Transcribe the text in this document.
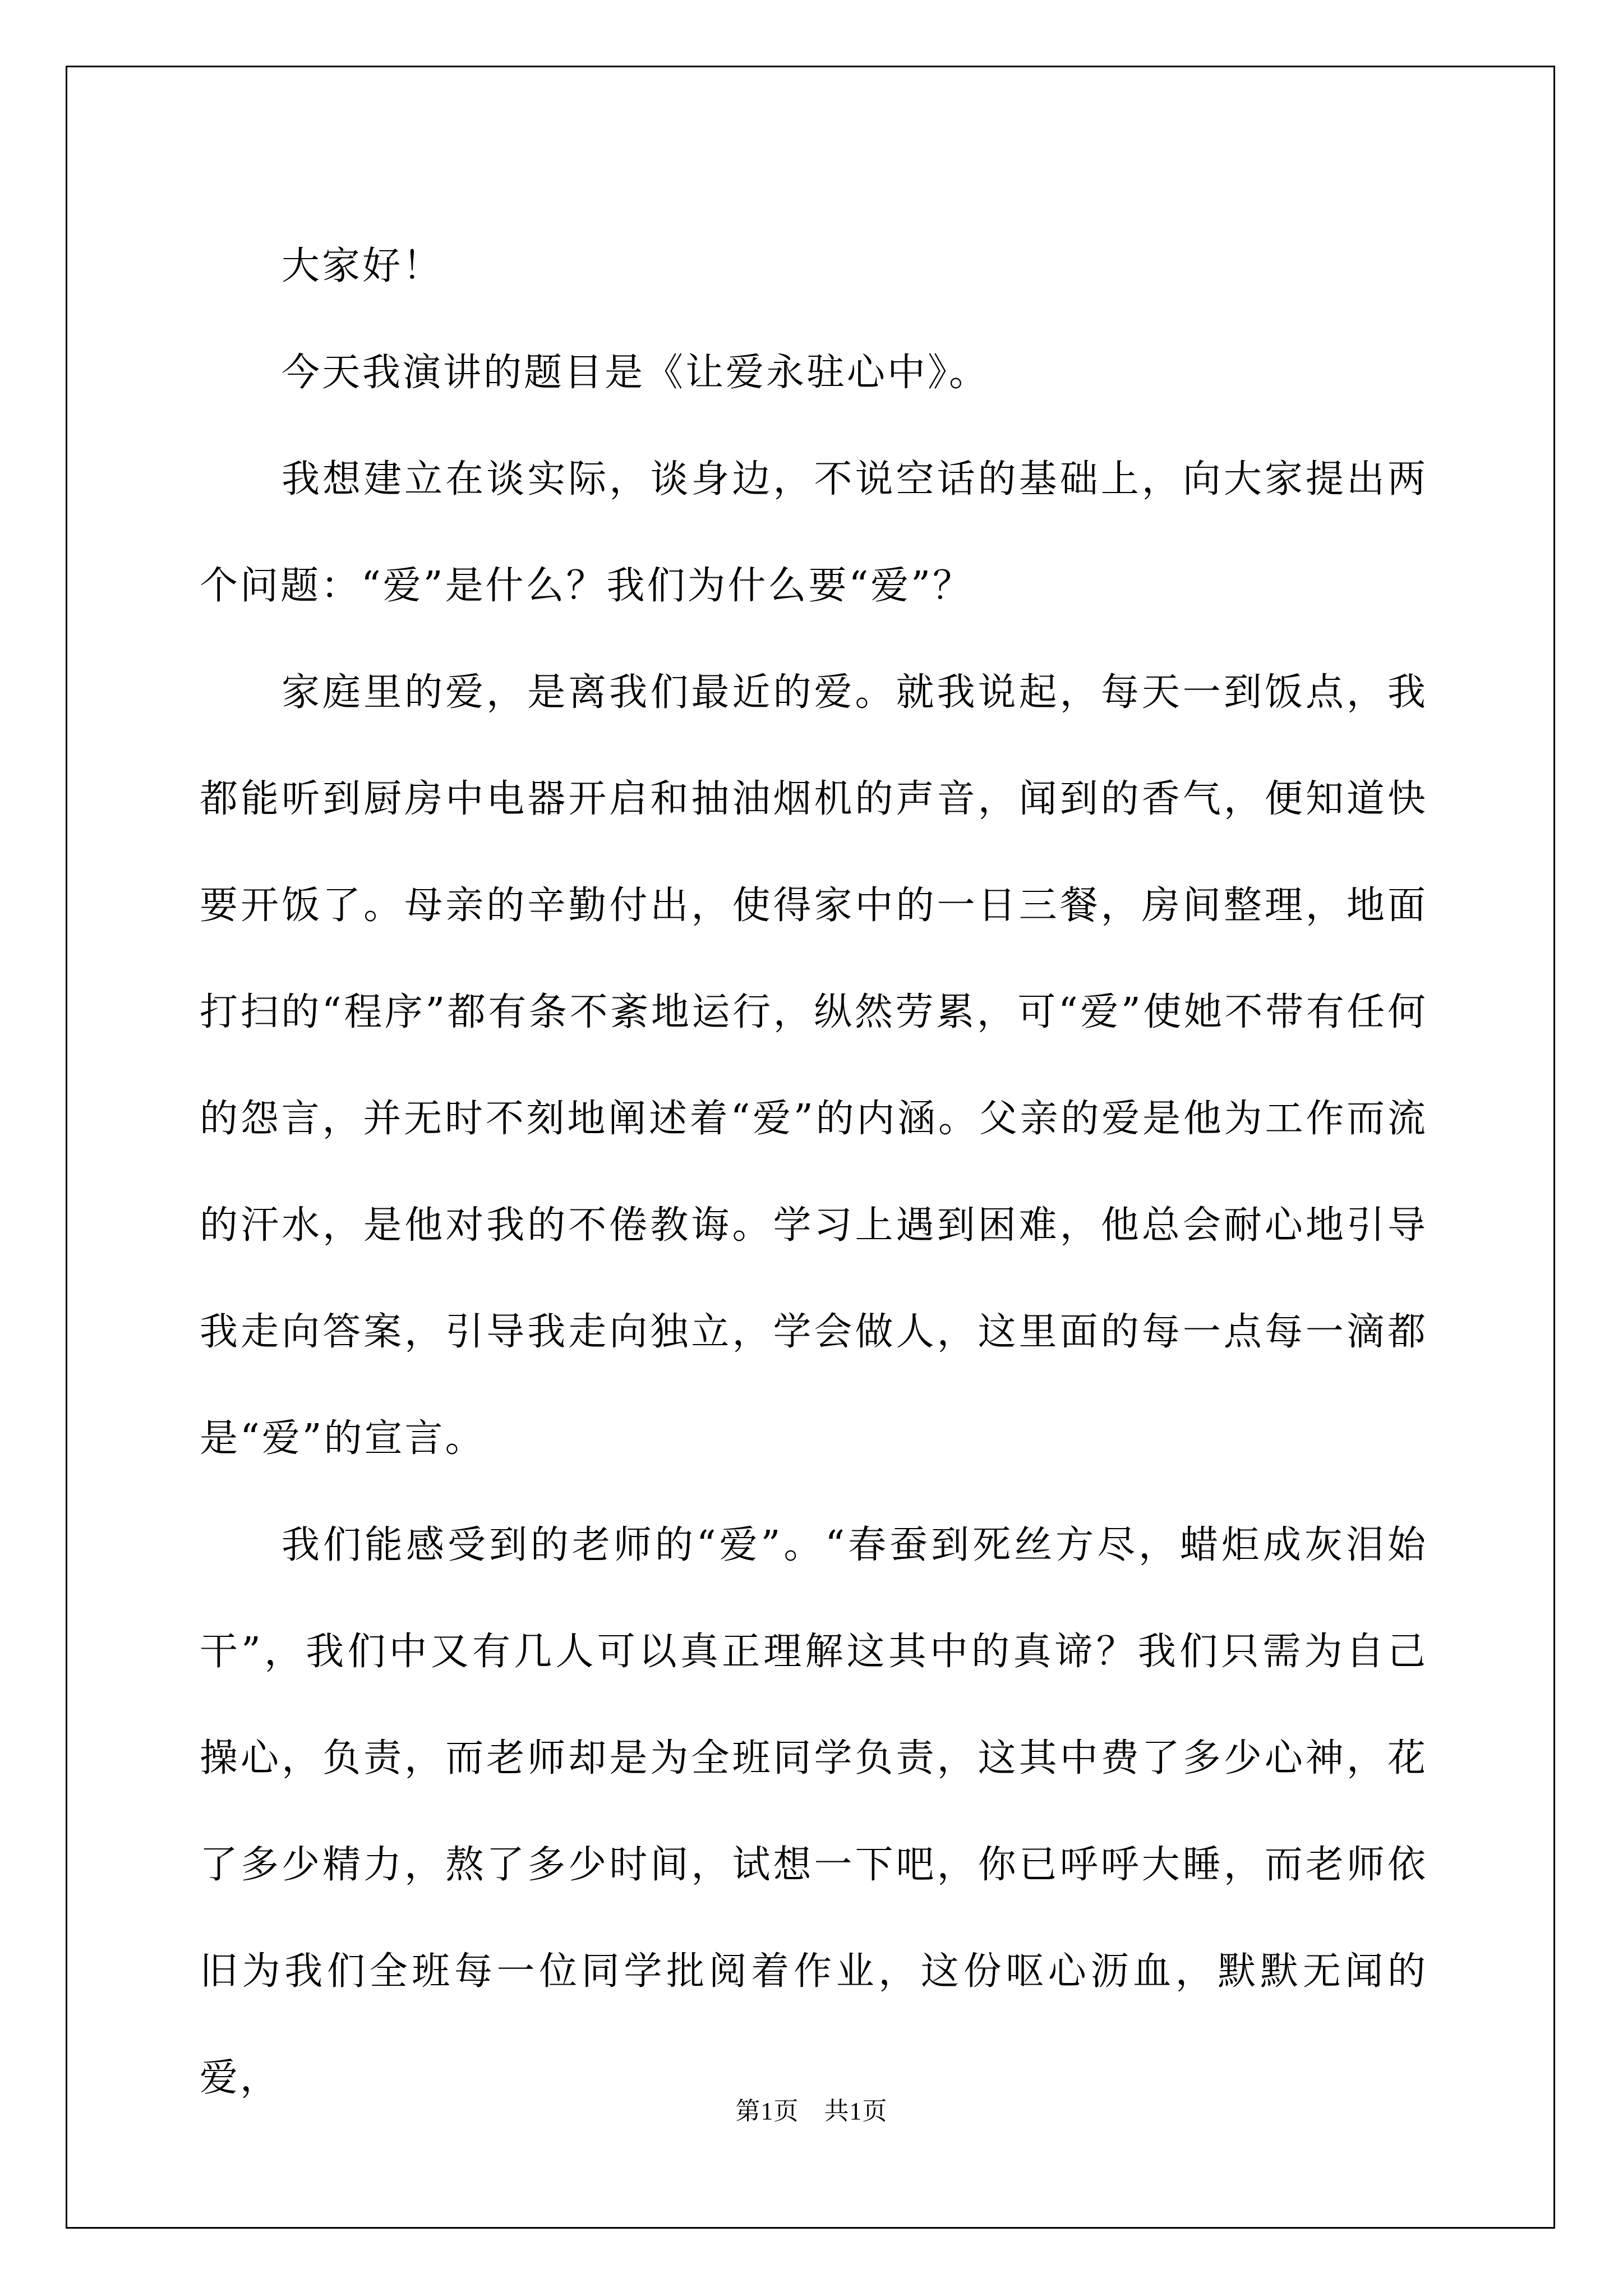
大家好！

今天我演讲的题目是《让爱永驻心中》。

我想建立在谈实际，谈身边，不说空话的基础上，向大家提出两个问题：“爱”是什么？我们为什么要“爱”？

家庭里的爱，是离我们最近的爱。就我说起，每天一到饭点，我都能听到厨房中电器开启和抽油烟机的声音，闻到的香气，便知道快要开饭了。母亲的辛勤付出，使得家中的一日三餐，房间整理，地面打扫的“程序”都有条不紊地运行，纵然劳累，可“爱”使她不带有任何的怨言，并无时不刻地阐述着“爱”的内涵。父亲的爱是他为工作而流的汗水，是他对我的不倦教诲。学习上遇到困难，他总会耐心地引导我走向答案，引导我走向独立，学会做人，这里面的每一点每一滴都是“爱”的宣言。

我们能感受到的老师的“爱”。“春蚕到死丝方尽，蜡炬成灰泪始干”，我们中又有几人可以真正理解这其中的真谛？我们只需为自己操心，负责，而老师却是为全班同学负责，这其中费了多少心神，花了多少精力，熬了多少时间，试想一下吧，你已呼呼大睡，而老师依旧为我们全班每一位同学批阅着作业，这份呕心沥血，默默无闻的爱，

第1页　共1页
